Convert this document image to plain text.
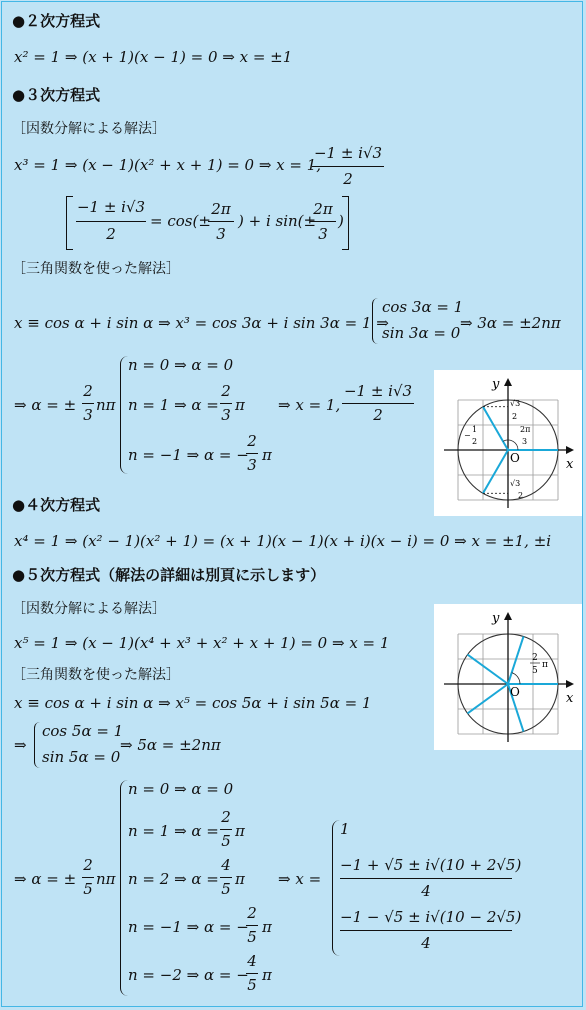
●２次方程式
x² = 1 ⇒ (x + 1)(x − 1) = 0 ⇒ x = ±1
●３次方程式
［因数分解による解法］
x³ = 1 ⇒ (x − 1)(x² + x + 1) = 0 ⇒ x = 1,
−1 ± i√3
2
−1 ± i√3
2
= cos(±
2π
3
) + i sin(±
2π
3
)
［三角関数を使った解法］
x ≡ cos α + i sin α ⇒ x³ = cos 3α + i sin 3α = 1 ⇒
cos 3α = 1
sin 3α = 0
⇒ 3α = ±2nπ
⇒ α = ±
2
3
nπ
n = 0 ⇒ α = 0
n = 1 ⇒ α =
2
3
π
n = −1 ⇒ α = −
2
3
π
⇒ x = 1,
−1 ± i√3
2
y
x
O
√3
2
2π
3
−
1
2
√3
2
●４次方程式
x⁴ = 1 ⇒ (x² − 1)(x² + 1) = (x + 1)(x − 1)(x + i)(x − i) = 0 ⇒ x = ±1, ±i
●５次方程式（解法の詳細は別頁に示します）
［因数分解による解法］
x⁵ = 1 ⇒ (x − 1)(x⁴ + x³ + x² + x + 1) = 0 ⇒ x = 1
［三角関数を使った解法］
x ≡ cos α + i sin α ⇒ x⁵ = cos 5α + i sin 5α = 1
⇒
cos 5α = 1
sin 5α = 0
⇒ 5α = ±2nπ
⇒ α = ±
2
5
nπ
n = 0 ⇒ α = 0
n = 1 ⇒ α =
2
5
π
n = 2 ⇒ α =
4
5
π
n = −1 ⇒ α = −
2
5
π
n = −2 ⇒ α = −
4
5
π
⇒ x =
1
−1 + √5 ± i√(10 + 2√5)
4
−1 − √5 ± i√(10 − 2√5)
4
y
x
O
2
5
π
